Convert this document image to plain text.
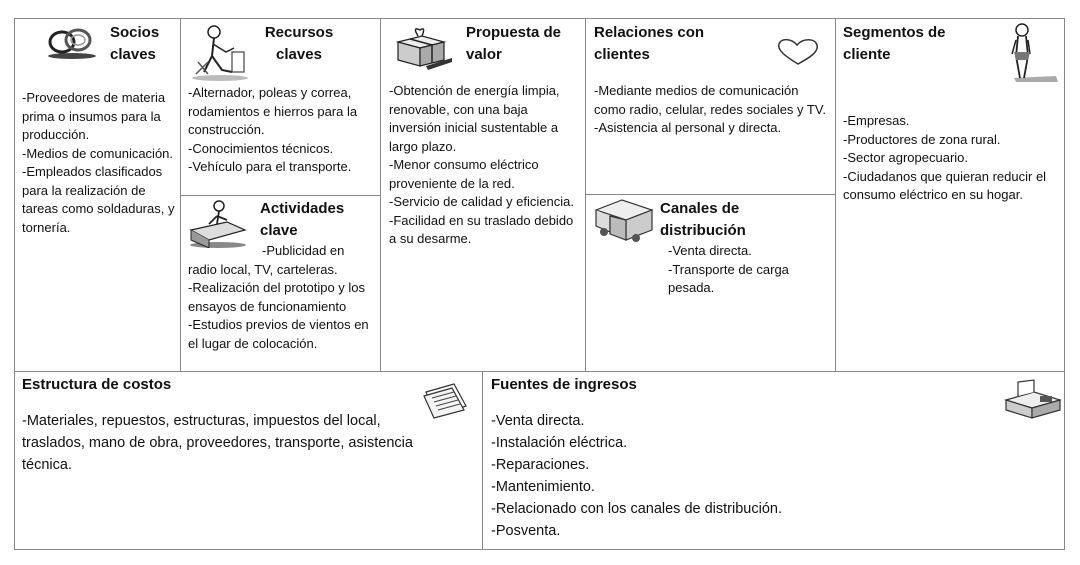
Socios claves
-Proveedores de materia prima o insumos para la producción.
-Medios de comunicación.
-Empleados clasificados para la realización de tareas como soldaduras, y tornería.
Recursos claves
-Alternador, poleas y correa, rodamientos e hierros para la construcción.
-Conocimientos técnicos.
-Vehículo para el transporte.
Actividades clave
-Publicidad en radio local, TV, carteleras.
-Realización del prototipo y los ensayos de funcionamiento
-Estudios previos de vientos en el lugar de colocación.
Propuesta de valor
-Obtención de energía limpia, renovable, con una baja inversión inicial sustentable a largo plazo.
-Menor consumo eléctrico proveniente de la red.
-Servicio de calidad y eficiencia.
-Facilidad en su traslado debido a su desarme.
Relaciones con clientes
-Mediante medios de comunicación como radio, celular, redes sociales y TV.
-Asistencia al personal y directa.
Canales de distribución
-Venta directa.
-Transporte de carga pesada.
Segmentos de cliente
-Empresas.
-Productores de zona rural.
-Sector agropecuario.
-Ciudadanos que quieran reducir el consumo eléctrico en su hogar.
Estructura de costos
-Materiales, repuestos, estructuras, impuestos del local, traslados, mano de obra, proveedores, transporte, asistencia técnica.
Fuentes de ingresos
-Venta directa.
-Instalación eléctrica.
-Reparaciones.
-Mantenimiento.
-Relacionado con los canales de distribución.
-Posventa.
